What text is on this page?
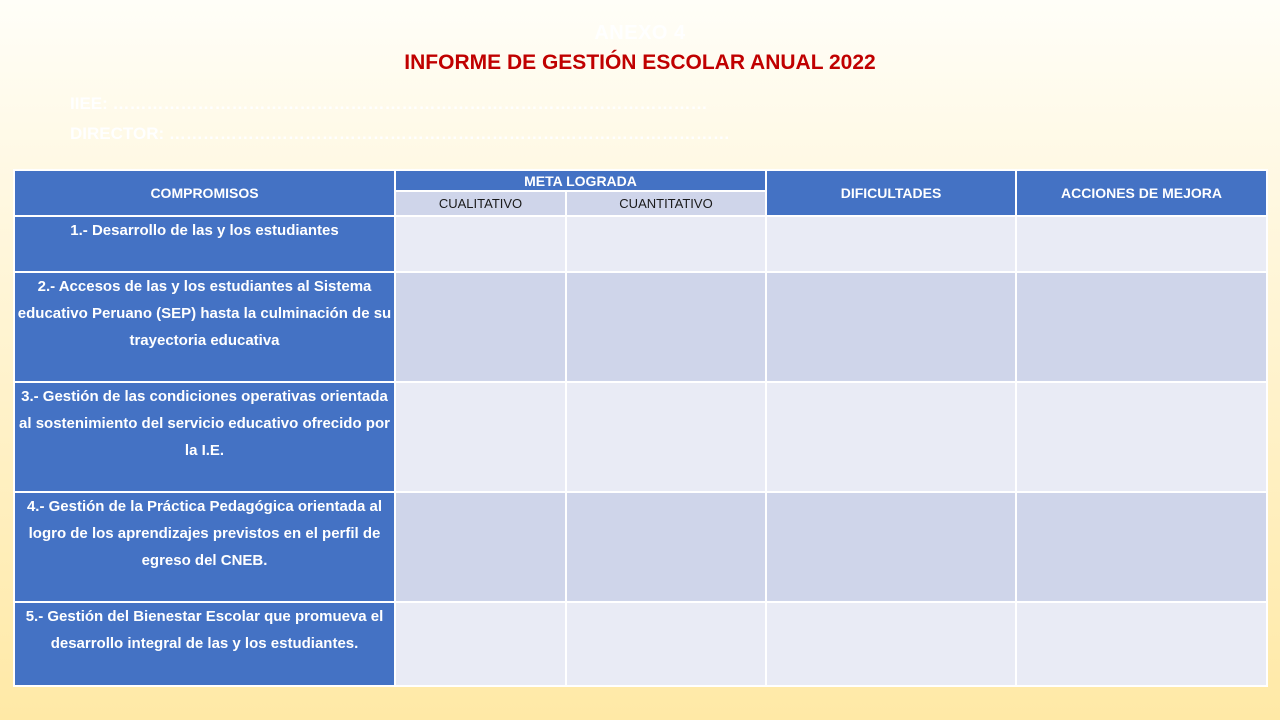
ANEXO 4
INFORME DE GESTIÓN ESCOLAR ANUAL 2022
IIEE: ……………………………………………………………………………………………
DIRECTOR: ………………………………………………………………………………………
COMPROMISOS	META LOGRADA		DIFICULTADES	ACCIONES DE MEJORA
	CUALITATIVO	CUANTITATIVO		
1.- Desarrollo de las y los estudiantes				
2.- Accesos de las y los estudiantes al Sistema educativo Peruano (SEP) hasta la culminación de su trayectoria educativa				
3.- Gestión de las condiciones operativas orientada al sostenimiento del servicio educativo ofrecido por la I.E.				
4.- Gestión de la Práctica Pedagógica orientada al logro de los aprendizajes previstos en el perfil de egreso del CNEB.				
5.- Gestión del Bienestar Escolar que promueva el desarrollo integral de las y los estudiantes.				
